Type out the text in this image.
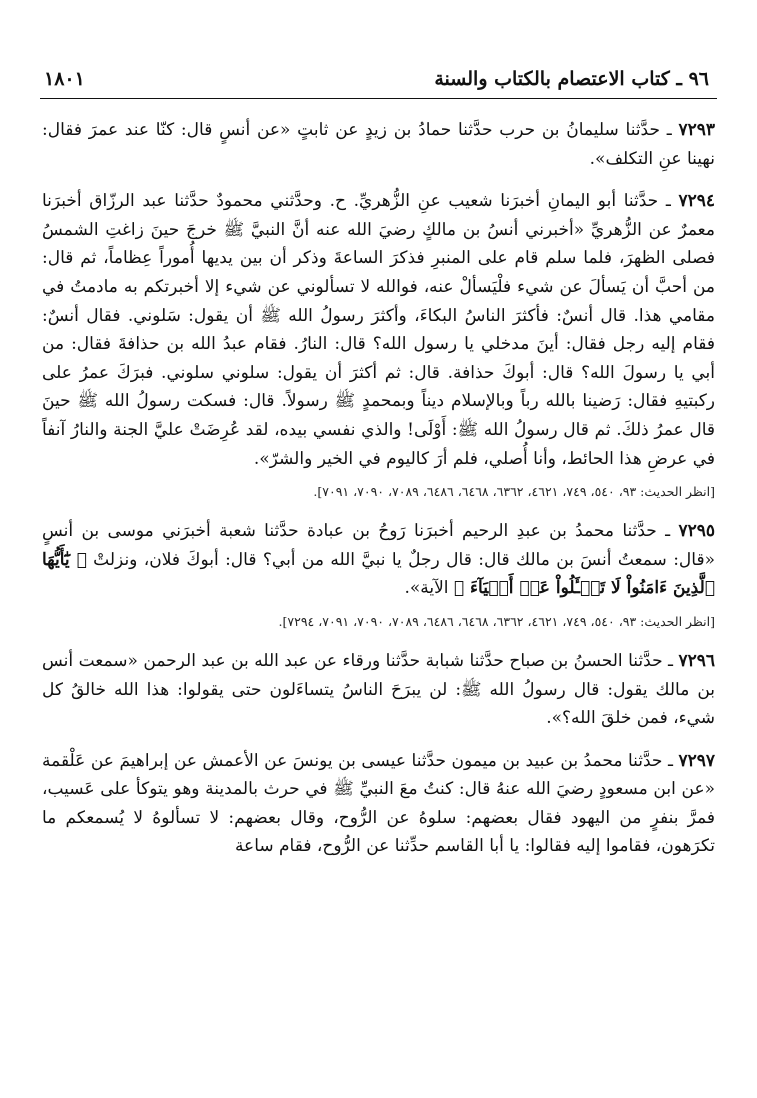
٩٦ ـ كتاب الاعتصام بالكتاب والسنة
١٨٠١

٧٢٩٣ ـ حدَّثنا سليمانُ بن حرب حدَّثنا حمادُ بن زيدٍ عن ثابتٍ «عن أنسٍ قال: كنّا عند عمرَ فقال: نهينا عنِ التكلف».

٧٢٩٤ ـ حدَّثنا أبو اليمانِ أخبرَنا شعيب عنِ الزُّهريِّ. ح. وحدَّثني محمودٌ حدَّثنا عبد الرزّاق أخبرَنا معمرٌ عن الزُّهريِّ «أخبرني أنسُ بن مالكٍ رضيَ الله عنه أنَّ النبيَّ ﷺ خرجَ حينَ زاغتِ الشمسُ فصلى الظهرَ، فلما سلم قام على المنبرِ فذكرَ الساعةَ وذكر أن بين يديها أُموراً عِظاماً، ثم قال: من أحبَّ أن يَسألَ عن شيء فلْيَسألْ عنه، فوالله لا تسألوني عن شيء إلا أخبرتكم به مادمتُ في مقامي هذا. قال أنسٌ: فأكثرَ الناسُ البكاءَ، وأكثرَ رسولُ الله ﷺ أن يقول: سَلوني. فقال أنسٌ: فقام إليه رجل فقال: أينَ مدخلي يا رسول الله؟ قال: النارُ. فقام عبدُ الله بن حذافةَ فقال: من أبي يا رسولَ الله؟ قال: أبوكَ حذافة. قال: ثم أكثرَ أن يقول: سلوني سلوني. فبرَكَ عمرُ على ركبتيهِ فقال: رَضينا بالله رباً وبالإسلام ديناً وبمحمدٍ ﷺ رسولاً. قال: فسكت رسولُ الله ﷺ حينَ قال عمرُ ذلكَ. ثم قال رسولُ الله ﷺ: أَوْلَى! والذي نفسي بيده، لقد عُرِضَتْ عليَّ الجنة والنارُ آنفاً في عرضِ هذا الحائط، وأنا أُصلي، فلم أرَ كاليوم في الخير والشرّ».

[انظر الحديث: ٩٣، ٥٤٠، ٧٤٩، ٤٦٢١، ٦٣٦٢، ٦٤٦٨، ٦٤٨٦، ٧٠٨٩، ٧٠٩٠، ٧٠٩١].

٧٢٩٥ ـ حدَّثنا محمدُ بن عبدِ الرحيم أخبرَنا رَوحُ بن عبادة حدَّثنا شعبة أخبرَني موسى بن أنسٍ «قال: سمعتُ أنسَ بن مالك قال: قال رجلٌ يا نبيَّ الله من أبي؟ قال: أبوكَ فلان، ونزلتْ ﴿ يَٰٓأَيُّهَا ٱلَّذِينَ ءَامَنُواْ لَا تَسۡـَٔلُواْ عَنۡ أَشۡيَآءَ ﴾ الآية».

[انظر الحديث: ٩٣، ٥٤٠، ٧٤٩، ٤٦٢١، ٦٣٦٢، ٦٤٦٨، ٦٤٨٦، ٧٠٨٩، ٧٠٩٠، ٧٠٩١، ٧٢٩٤].

٧٢٩٦ ـ حدَّثنا الحسنُ بن صباح حدَّثنا شبابة حدَّثنا ورقاء عن عبد الله بن عبد الرحمن «سمعت أنس بن مالك يقول: قال رسولُ الله ﷺ: لن يبرَحَ الناسُ يتساءَلون حتى يقولوا: هذا الله خالقُ كل شيء، فمن خلقَ الله؟».

٧٢٩٧ ـ حدَّثنا محمدُ بن عبيد بن ميمون حدَّثنا عيسى بن يونسَ عن الأعمش عن إبراهيمَ عن عَلْقمة «عن ابن مسعودٍ رضيَ الله عنهُ قال: كنتُ معَ النبيِّ ﷺ في حرث بالمدينة وهو يتوكأ على عَسيب، فمرَّ بنفرٍ من اليهود فقال بعضهم: سلوهُ عن الرُّوح، وقال بعضهم: لا تسألوهُ لا يُسمعكم ما تكرَهون، فقاموا إليه فقالوا: يا أبا القاسم حدِّثنا عن الرُّوح، فقام ساعة
